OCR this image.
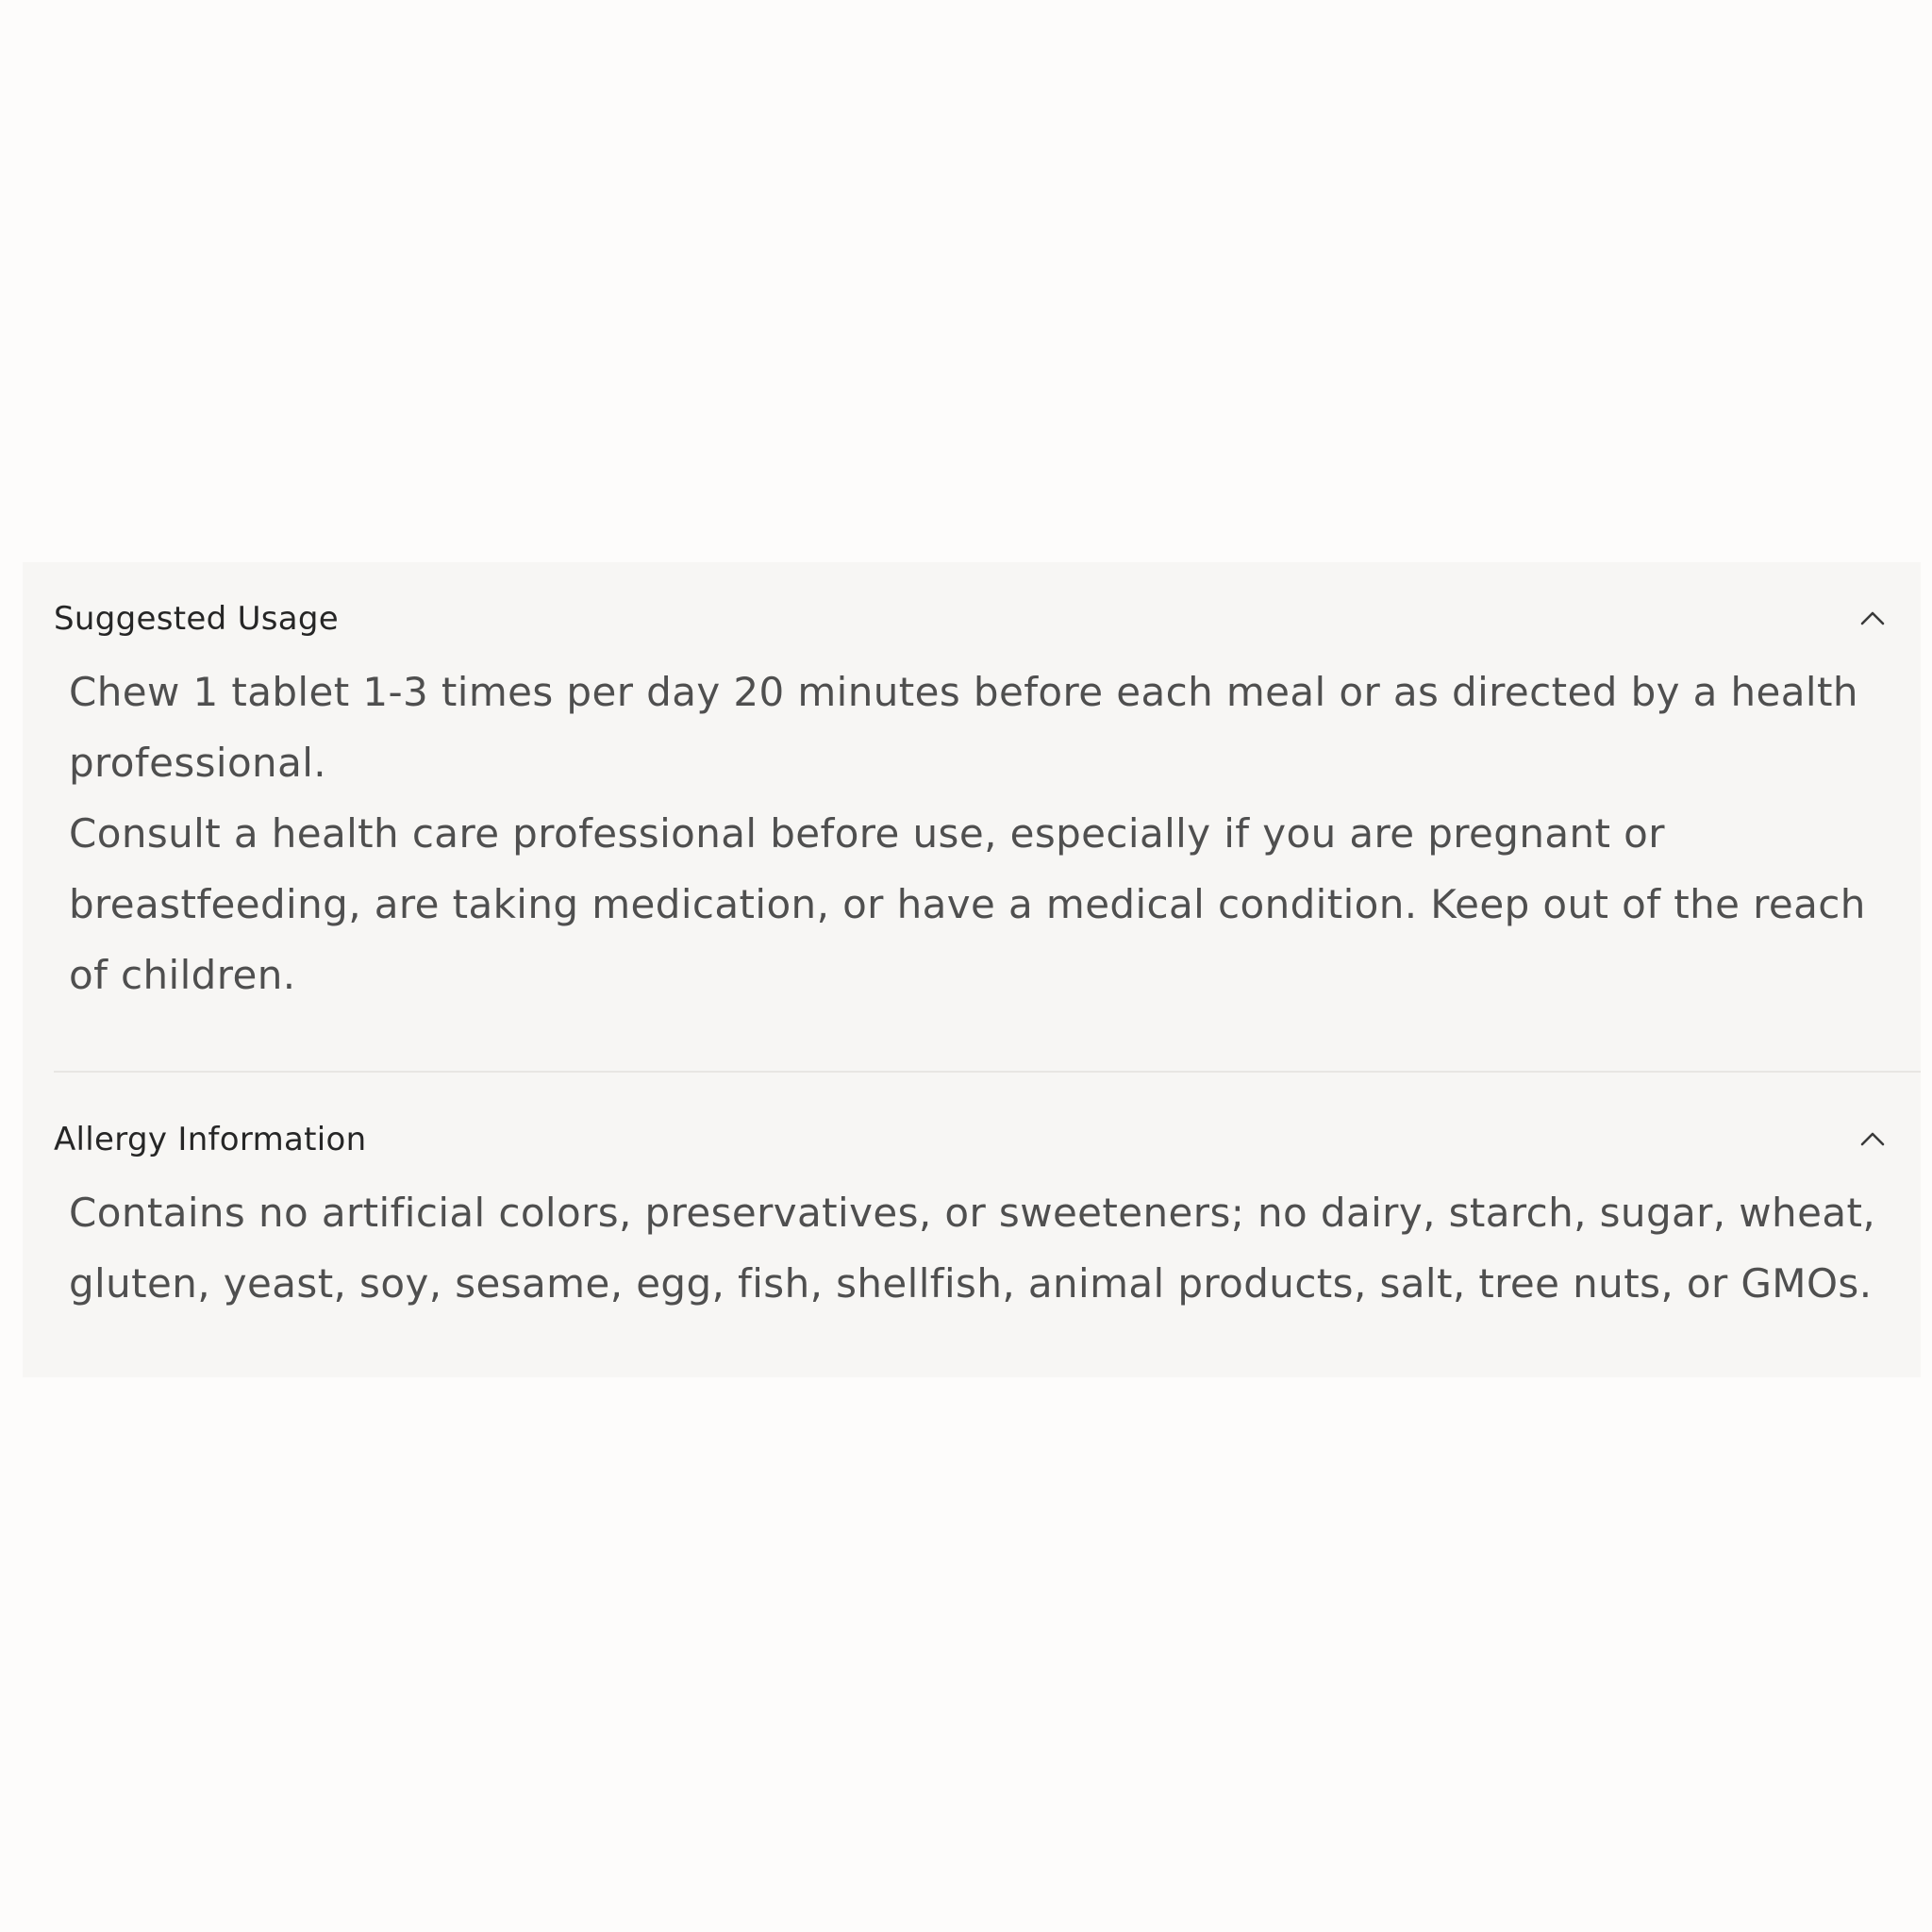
Suggested Usage

Chew 1 tablet 1-3 times per day 20 minutes before each meal or as directed by a health professional.

Consult a health care professional before use, especially if you are pregnant or breastfeeding, are taking medication, or have a medical condition. Keep out of the reach of children.

Allergy Information

Contains no artificial colors, preservatives, or sweeteners; no dairy, starch, sugar, wheat, gluten, yeast, soy, sesame, egg, fish, shellfish, animal products, salt, tree nuts, or GMOs.
